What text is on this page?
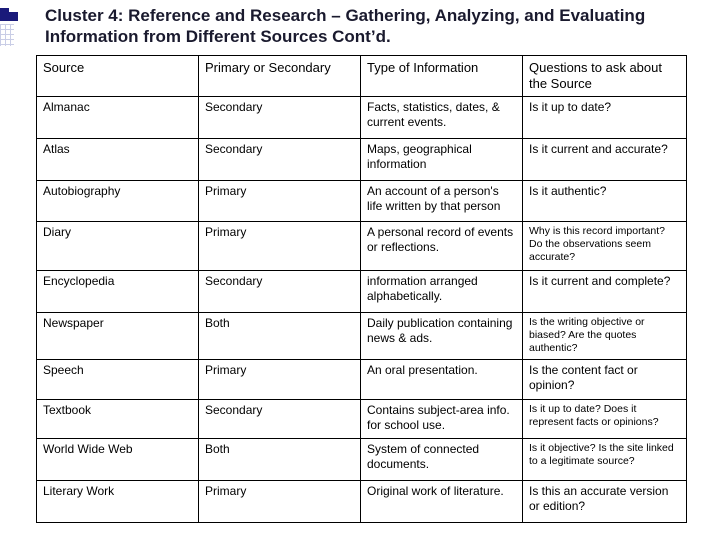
Cluster 4: Reference and Research – Gathering, Analyzing, and Evaluating Information from Different Sources Cont’d.
Source	Primary or Secondary	Type of Information	Questions to ask about the Source
Almanac	Secondary	Facts, statistics, dates, & current events.	Is it up to date?
Atlas	Secondary	Maps, geographical information	Is it current and accurate?
Autobiography	Primary	An account of a person's life written by that person	Is it authentic?
Diary	Primary	A personal record of events or reflections.	Why is this record important? Do the observations seem accurate?
Encyclopedia	Secondary	information arranged alphabetically.	Is it current and complete?
Newspaper	Both	Daily publication containing news & ads.	Is the writing objective or biased? Are the quotes authentic?
Speech	Primary	An oral presentation.	Is the content fact or opinion?
Textbook	Secondary	Contains subject-area info. for school use.	Is it up to date? Does it represent facts or opinions?
World Wide Web	Both	System of connected documents.	Is it objective? Is the site linked to a legitimate source?
Literary Work	Primary	Original work of literature.	Is this an accurate version or edition?
